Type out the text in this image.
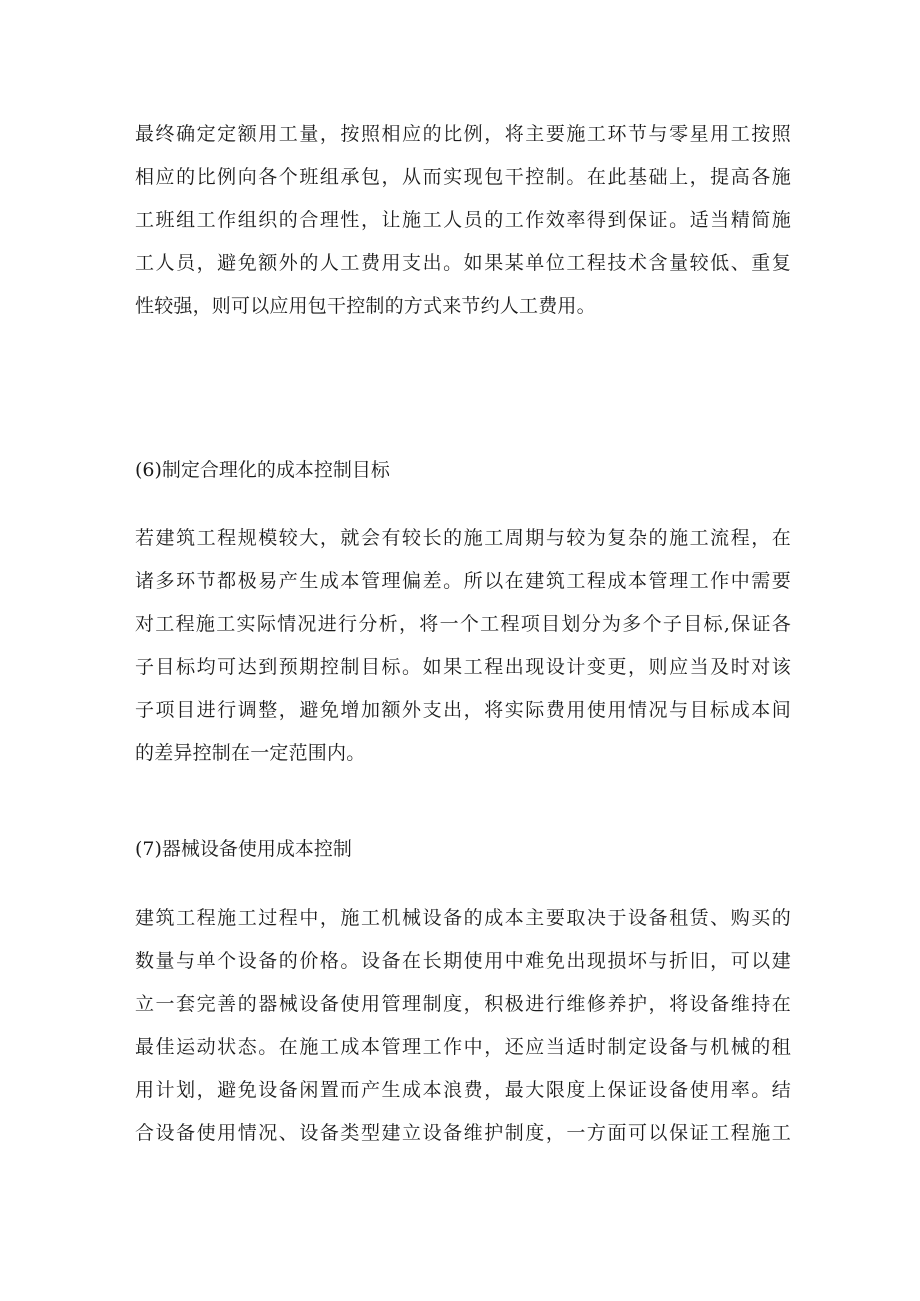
最终确定定额用工量，按照相应的比例，将主要施工环节与零星用工按照
相应的比例向各个班组承包，从而实现包干控制。在此基础上，提高各施
工班组工作组织的合理性，让施工人员的工作效率得到保证。适当精简施
工人员，避免额外的人工费用支出。如果某单位工程技术含量较低、重复
性较强，则可以应用包干控制的方式来节约人工费用。
(6)制定合理化的成本控制目标
若建筑工程规模较大，就会有较长的施工周期与较为复杂的施工流程，在
诸多环节都极易产生成本管理偏差。所以在建筑工程成本管理工作中需要
对工程施工实际情况进行分析，将一个工程项目划分为多个子目标,保证各
子目标均可达到预期控制目标。如果工程出现设计变更，则应当及时对该
子项目进行调整，避免增加额外支出，将实际费用使用情况与目标成本间
的差异控制在一定范围内。
(7)器械设备使用成本控制
建筑工程施工过程中，施工机械设备的成本主要取决于设备租赁、购买的
数量与单个设备的价格。设备在长期使用中难免出现损坏与折旧，可以建
立一套完善的器械设备使用管理制度，积极进行维修养护，将设备维持在
最佳运动状态。在施工成本管理工作中，还应当适时制定设备与机械的租
用计划，避免设备闲置而产生成本浪费，最大限度上保证设备使用率。结
合设备使用情况、设备类型建立设备维护制度，一方面可以保证工程施工
